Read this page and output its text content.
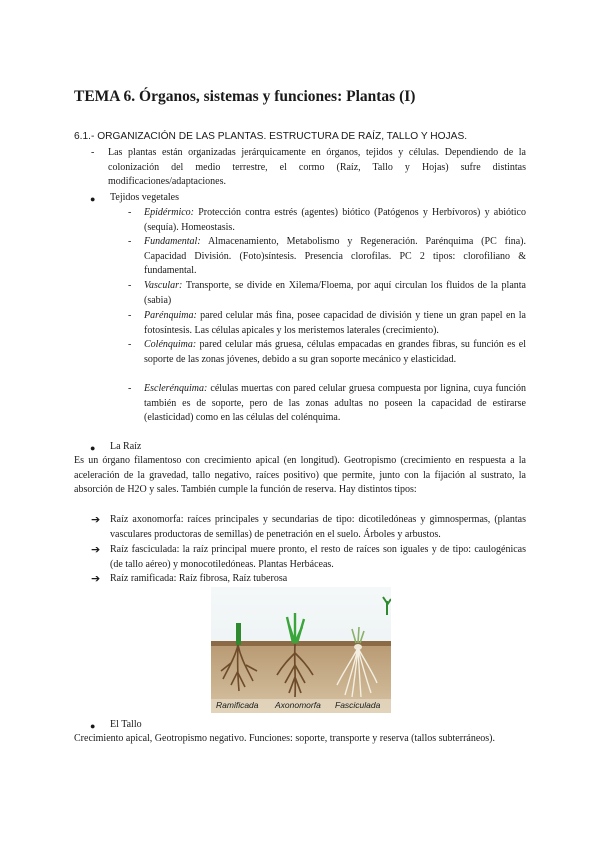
TEMA 6. Órganos, sistemas y funciones: Plantas (I)

6.1.- ORGANIZACIÓN DE LAS PLANTAS. ESTRUCTURA DE RAÍZ, TALLO Y HOJAS.

- Las plantas están organizadas jerárquicamente en órganos, tejidos y células. Dependiendo de la colonización del medio terrestre, el cormo (Raíz, Tallo y Hojas) sufre distintas modificaciones/adaptaciones.

● Tejidos vegetales

- Epidérmico: Protección contra estrés (agentes) biótico (Patógenos y Herbívoros) y abiótico (sequía). Homeostasis.

- Fundamental: Almacenamiento, Metabolismo y Regeneración. Parénquima (PC fina). Capacidad División. (Foto)síntesis. Presencia clorofilas. PC 2 tipos: clorofiliano & fundamental.

- Vascular: Transporte, se divide en Xilema/Floema, por aquí circulan los fluidos de la planta (sabia)

- Parénquima: pared celular más fina, posee capacidad de división y tiene un gran papel en la fotosíntesis. Las células apicales y los meristemos laterales (crecimiento).

- Colénquima: pared celular más gruesa, células empacadas en grandes fibras, su función es el soporte de las zonas jóvenes, debido a su gran soporte mecánico y elasticidad.

- Esclerénquima: células muertas con pared celular gruesa compuesta por lignina, cuya función también es de soporte, pero de las zonas adultas no poseen la capacidad de estirarse (elasticidad) como en las células del colénquima.

● La Raíz

Es un órgano filamentoso con crecimiento apical (en longitud). Geotropismo (crecimiento en respuesta a la aceleración de la gravedad, tallo negativo, raíces positivo) que permite, junto con la fijación al sustrato, la absorción de H2O y sales. También cumple la función de reserva. Hay distintos tipos:

➔ Raíz axonomorfa: raíces principales y secundarias de tipo: dicotiledóneas y gimnospermas, (plantas vasculares productoras de semillas) de penetración en el suelo. Árboles y arbustos.

➔ Raíz fasciculada: la raíz principal muere pronto, el resto de raíces son iguales y de tipo: caulogénicas (de tallo aéreo) y monocotiledóneas. Plantas Herbáceas.

➔ Raíz ramificada: Raíz fibrosa, Raíz tuberosa

Ramificada Axonomorfa Fasciculada
● El Tallo

Crecimiento apical, Geotropismo negativo. Funciones: soporte, transporte y reserva (tallos subterráneos).
